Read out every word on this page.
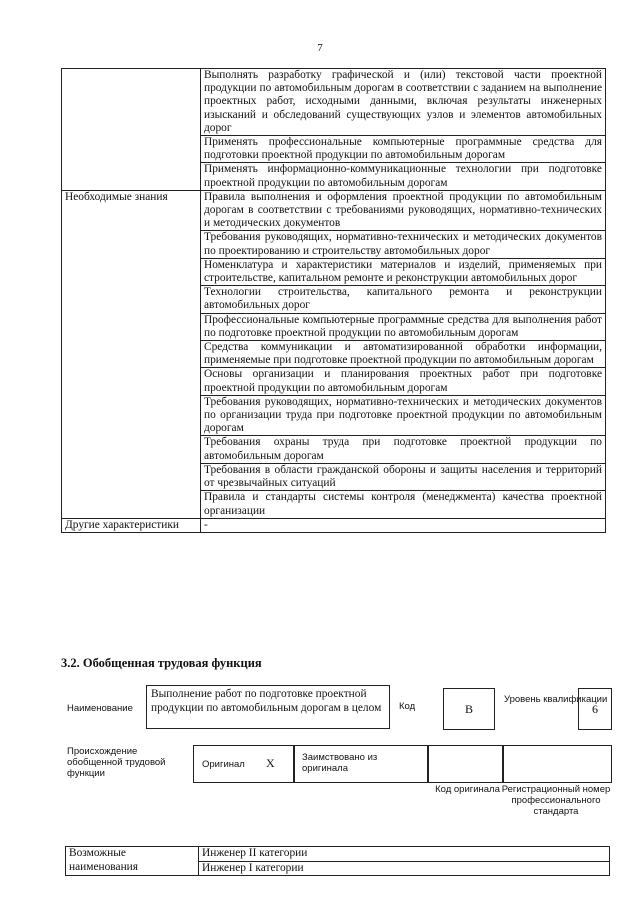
7
	Выполнять разработку графической и (или) текстовой части проектной продукции по автомобильным дорогам в соответствии с заданием на выполнение проектных работ, исходными данными, включая результаты инженерных изысканий и обследований существующих узлов и элементов автомобильных дорог
	Применять профессиональные компьютерные программные средства для подготовки проектной продукции по автомобильным дорогам
	Применять информационно-коммуникационные технологии при подготовке проектной продукции по автомобильным дорогам
Необходимые знания	Правила выполнения и оформления проектной продукции по автомобильным дорогам в соответствии с требованиями руководящих, нормативно-технических и методических документов
	Требования руководящих, нормативно-технических и методических документов по проектированию и строительству автомобильных дорог
	Номенклатура и характеристики материалов и изделий, применяемых при строительстве, капитальном ремонте и реконструкции автомобильных дорог
	Технологии строительства, капитального ремонта и реконструкции автомобильных дорог
	Профессиональные компьютерные программные средства для выполнения работ по подготовке проектной продукции по автомобильным дорогам
	Средства коммуникации и автоматизированной обработки информации, применяемые при подготовке проектной продукции по автомобильным дорогам
	Основы организации и планирования проектных работ при подготовке проектной продукции по автомобильным дорогам
	Требования руководящих, нормативно-технических и методических документов по организации труда при подготовке проектной продукции по автомобильным дорогам
	Требования охраны труда при подготовке проектной продукции по автомобильным дорогам
	Требования в области гражданской обороны и защиты населения и территорий от чрезвычайных ситуаций
	Правила и стандарты системы контроля (менеджмента) качества проектной организации
Другие характеристики	-
3.2. Обобщенная трудовая функция
Наименование
Выполнение работ по подготовке проектной продукции по автомобильным дорогам в целом	Код	B
Уровень квалификации
6
Происхождение обобщенной трудовой функции
Оригинал X	Заимствовано из оригинала
Код оригинала Регистрационный номер профессионального стандарта
Возможные наименования	Инженер II категории
Инженер I категории
